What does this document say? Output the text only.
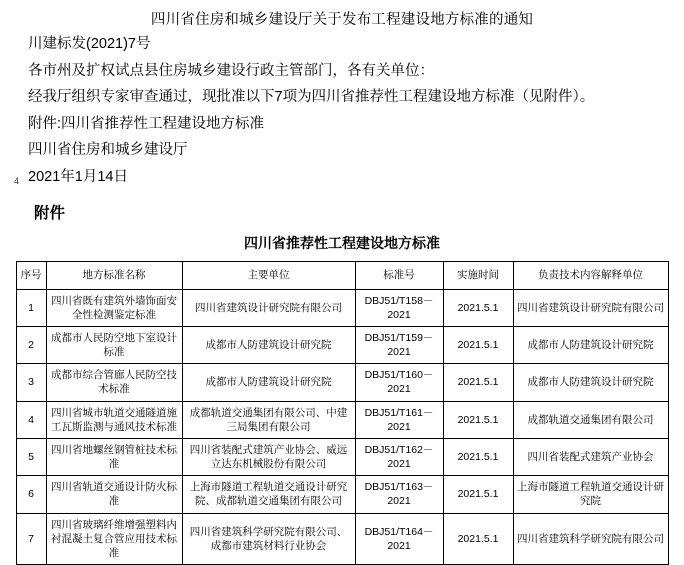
四川省住房和城乡建设厅关于发布工程建设地方标准的通知
川建标发(2021)7号
各市州及扩权试点县住房城乡建设行政主管部门，各有关单位：
经我厅组织专家审查通过，现批准以下7项为四川省推荐性工程建设地方标准（见附件）。
附件:四川省推荐性工程建设地方标准
四川省住房和城乡建设厅
2021年1月14日
附件
4
四川省推荐性工程建设地方标准
序号	地方标准名称	主要单位	标准号	实施时间	负责技术内容解释单位
1	四川省既有建筑外墙饰面安全性检测鉴定标准	四川省建筑设计研究院有限公司	DBJ51/T158－2021	2021.5.1	四川省建筑设计研究院有限公司
2	成都市人民防空地下室设计标准	成都市人防建筑设计研究院	DBJ51/T159－2021	2021.5.1	成都市人防建筑设计研究院
3	成都市综合管廊人民防空技术标准	成都市人防建筑设计研究院	DBJ51/T160－2021	2021.5.1	成都市人防建筑设计研究院
4	四川省城市轨道交通隧道施工瓦斯监测与通风技术标准	成都轨道交通集团有限公司、中建三局集团有限公司	DBJ51/T161－2021	2021.5.1	成都轨道交通集团有限公司
5	四川省地螺丝钢管桩技术标准	四川省装配式建筑产业协会、威远立达东机械股份有限公司	DBJ51/T162－2021	2021.5.1	四川省装配式建筑产业协会
6	四川省轨道交通设计防火标准	上海市隧道工程轨道交通设计研究院、成都轨道交通集团有限公司	DBJ51/T163－2021	2021.5.1	上海市隧道工程轨道交通设计研究院
7	四川省玻璃纤维增强塑料内衬混凝土复合管应用技术标准	四川省建筑科学研究院有限公司、成都市建筑材料行业协会	DBJ51/T164－2021	2021.5.1	四川省建筑科学研究院有限公司
